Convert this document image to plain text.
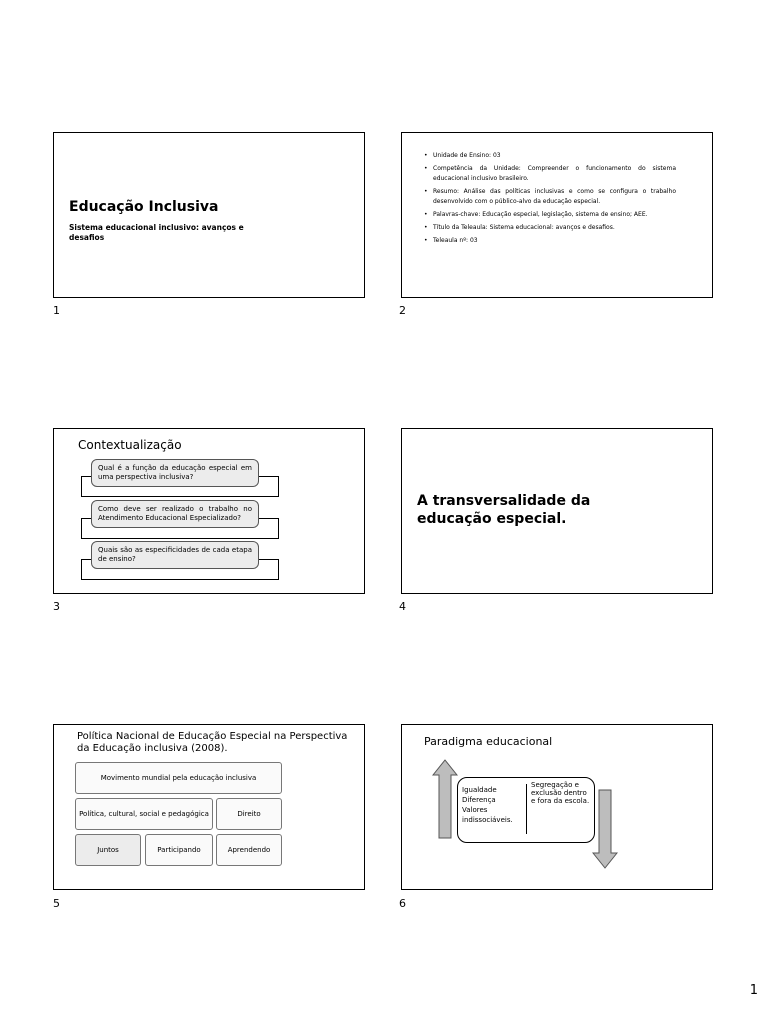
Educação Inclusiva
Sistema educacional inclusivo: avanços e desafios
1
• Unidade de Ensino: 03
• Competência da Unidade: Compreender o funcionamento do sistema educacional inclusivo brasileiro.
• Resumo: Análise das políticas inclusivas e como se configura o trabalho desenvolvido com o público-alvo da educação especial.
• Palavras-chave: Educação especial, legislação, sistema de ensino; AEE.
• Título da Teleaula: Sistema educacional: avanços e desafios.
• Teleaula nº: 03
2
Contextualização
Qual é a função da educação especial em uma perspectiva inclusiva?
Como deve ser realizado o trabalho no Atendimento Educacional Especializado?
Quais são as especificidades de cada etapa de ensino?
3
A transversalidade da educação especial.
4
Política Nacional de Educação Especial na Perspectiva da Educação inclusiva (2008).
Movimento mundial pela educação inclusiva
Política, cultural, social e pedagógica	Direito
Juntos	Participando	Aprendendo
5
Paradigma educacional
Igualdade
Diferença
Valores
indissociáveis.
Segregação e exclusão dentro e fora da escola.
6
1
